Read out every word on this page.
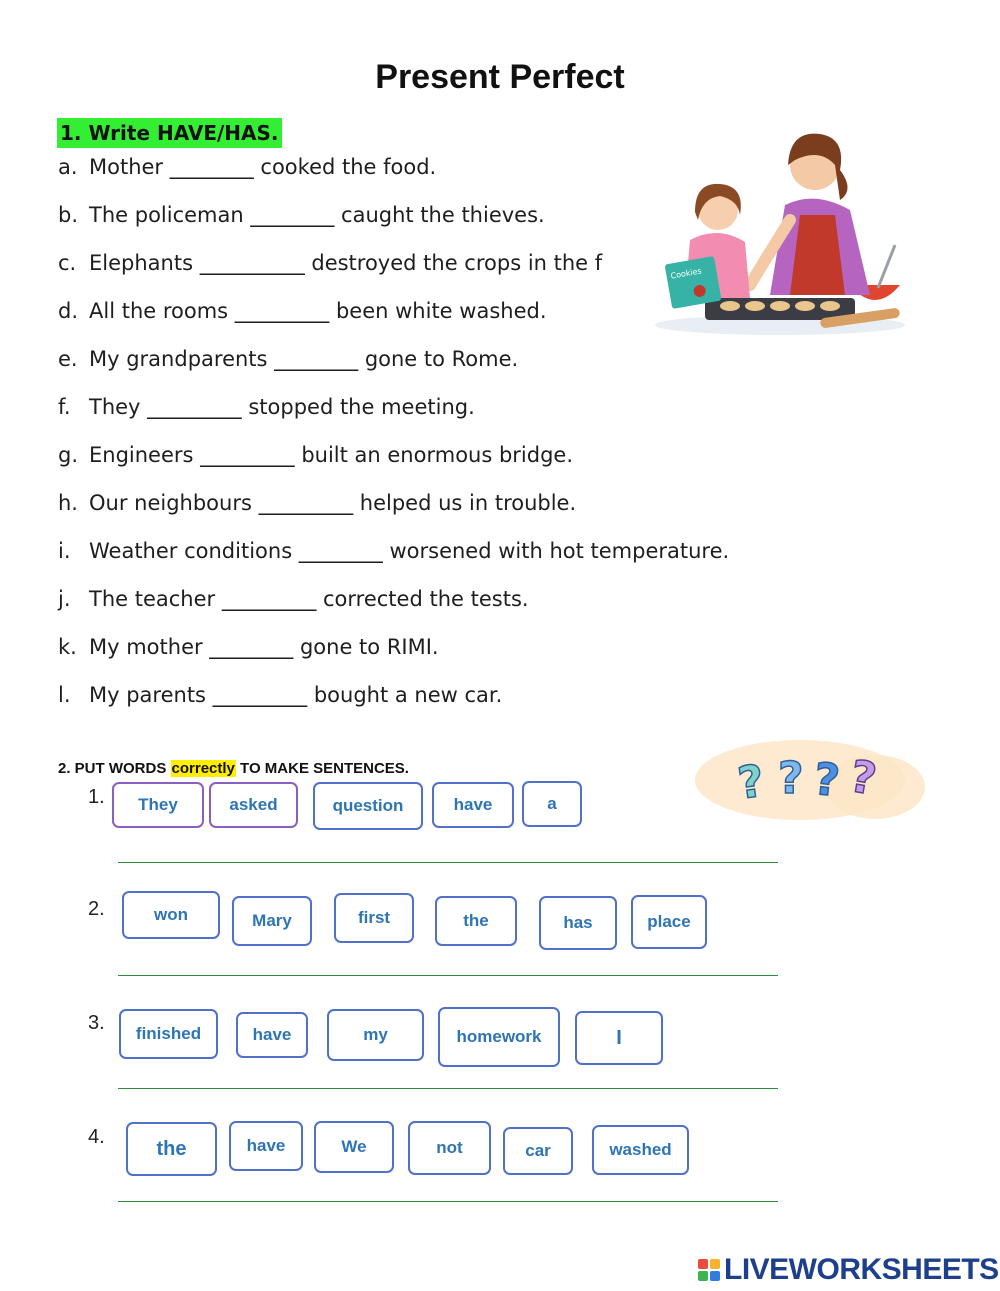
Present Perfect
1. Write HAVE/HAS.
a. Mother ________ cooked the food.
b. The policeman ________ caught the thieves.
c. Elephants __________ destroyed the crops in the f
d. All the rooms _________ been white washed.
e. My grandparents ________ gone to Rome.
f. They _________ stopped the meeting.
g. Engineers _________ built an enormous bridge.
h. Our neighbours _________ helped us in trouble.
i. Weather conditions ________ worsened with hot temperature.
j. The teacher _________ corrected the tests.
k. My mother ________ gone to RIMI.
l. My parents _________ bought a new car.
Cookies
2. PUT WORDS correctly TO MAKE SENTENCES.	? ? ? ?
1.	They	asked	question	have	a
2.	won	Mary	first	the	has	place
3.	finished	have	my	homework	I
4.
the	have	We	not	car	washed
LIVEWORKSHEETS
